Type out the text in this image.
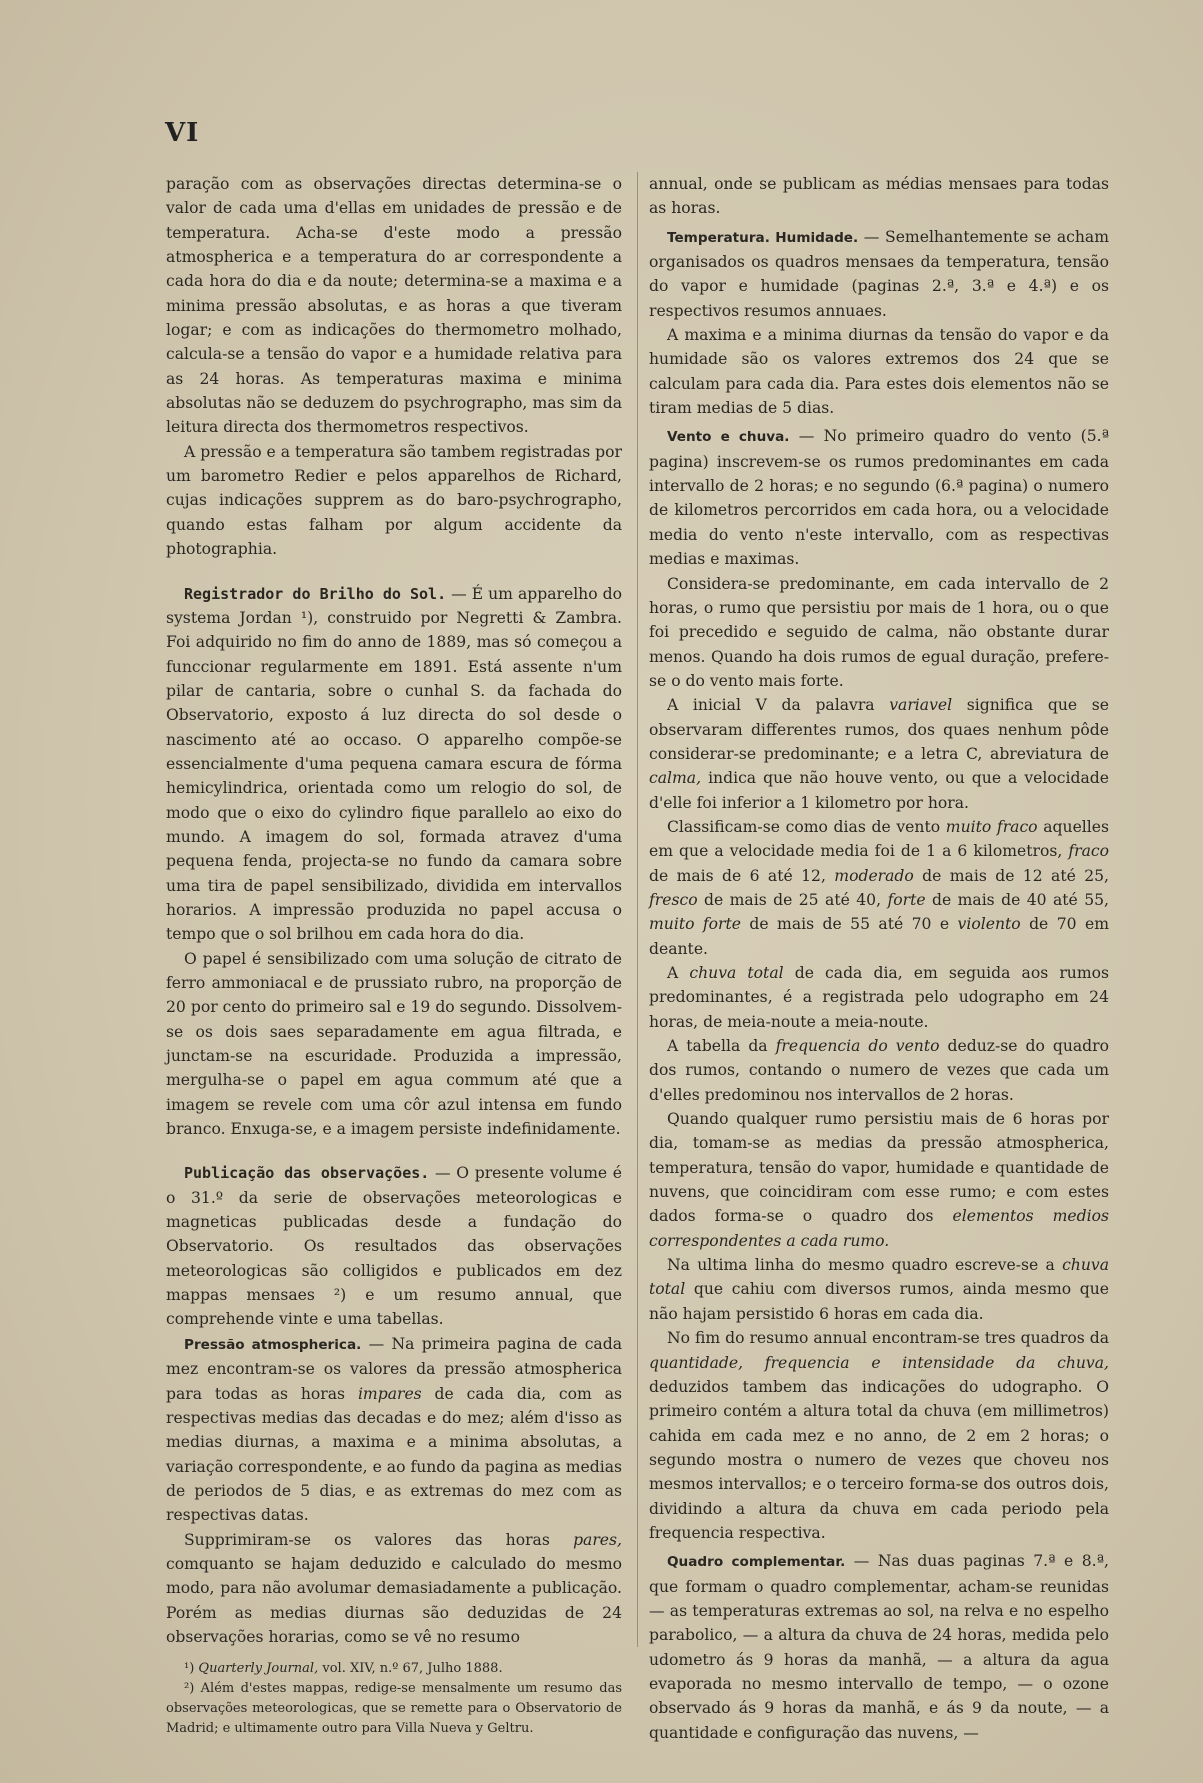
VI

paração com as observações directas determina-se o valor de cada uma d'ellas em unidades de pressão e de temperatura. Acha-se d'este modo a pressão atmospherica e a temperatura do ar correspondente a cada hora do dia e da noute; determina-se a maxima e a minima pressão absolutas, e as horas a que tiveram logar; e com as indicações do thermometro molhado, calcula-se a tensão do vapor e a humidade relativa para as 24 horas. As temperaturas maxima e minima absolutas não se deduzem do psychrographo, mas sim da leitura directa dos thermometros respectivos.

A pressão e a temperatura são tambem registradas por um barometro Redier e pelos apparelhos de Richard, cujas indicações supprem as do baro-psychrographo, quando estas falham por algum accidente da photographia.

Registrador do Brilho do Sol. — É um apparelho do systema Jordan ¹), construido por Negretti & Zambra. Foi adquirido no fim do anno de 1889, mas só começou a funccionar regularmente em 1891. Está assente n'um pilar de cantaria, sobre o cunhal S. da fachada do Observatorio, exposto á luz directa do sol desde o nascimento até ao occaso. O apparelho compõe-se essencialmente d'uma pequena camara escura de fórma hemicylindrica, orientada como um relogio do sol, de modo que o eixo do cylindro fique parallelo ao eixo do mundo. A imagem do sol, formada atravez d'uma pequena fenda, projecta-se no fundo da camara sobre uma tira de papel sensibilizado, dividida em intervallos horarios. A impressão produzida no papel accusa o tempo que o sol brilhou em cada hora do dia.

O papel é sensibilizado com uma solução de citrato de ferro ammoniacal e de prussiato rubro, na proporção de 20 por cento do primeiro sal e 19 do segundo. Dissolvem-se os dois saes separadamente em agua filtrada, e junctam-se na escuridade. Produzida a impressão, mergulha-se o papel em agua commum até que a imagem se revele com uma côr azul intensa em fundo branco. Enxuga-se, e a imagem persiste indefinidamente.

Publicação das observações. — O presente volume é o 31.º da serie de observações meteorologicas e magneticas publicadas desde a fundação do Observatorio. Os resultados das observações meteorologicas são colligidos e publicados em dez mappas mensaes ²) e um resumo annual, que comprehende vinte e uma tabellas.

Pressão atmospherica. — Na primeira pagina de cada mez encontram-se os valores da pressão atmospherica para todas as horas impares de cada dia, com as respectivas medias das decadas e do mez; além d'isso as medias diurnas, a maxima e a minima absolutas, a variação correspondente, e ao fundo da pagina as medias de periodos de 5 dias, e as extremas do mez com as respectivas datas.

Supprimiram-se os valores das horas pares, comquanto se hajam deduzido e calculado do mesmo modo, para não avolumar demasiadamente a publicação. Porém as medias diurnas são deduzidas de 24 observações horarias, como se vê no resumo

¹) Quarterly Journal, vol. XIV, n.º 67, Julho 1888.

²) Além d'estes mappas, redige-se mensalmente um resumo das observações meteorologicas, que se remette para o Observatorio de Madrid; e ultimamente outro para Villa Nueva y Geltru.

annual, onde se publicam as médias mensaes para todas as horas.

Temperatura. Humidade. — Semelhantemente se acham organisados os quadros mensaes da temperatura, tensão do vapor e humidade (paginas 2.ª, 3.ª e 4.ª) e os respectivos resumos annuaes.

A maxima e a minima diurnas da tensão do vapor e da humidade são os valores extremos dos 24 que se calculam para cada dia. Para estes dois elementos não se tiram medias de 5 dias.

Vento e chuva. — No primeiro quadro do vento (5.ª pagina) inscrevem-se os rumos predominantes em cada intervallo de 2 horas; e no segundo (6.ª pagina) o numero de kilometros percorridos em cada hora, ou a velocidade media do vento n'este intervallo, com as respectivas medias e maximas.

Considera-se predominante, em cada intervallo de 2 horas, o rumo que persistiu por mais de 1 hora, ou o que foi precedido e seguido de calma, não obstante durar menos. Quando ha dois rumos de egual duração, prefere-se o do vento mais forte.

A inicial V da palavra variavel significa que se observaram differentes rumos, dos quaes nenhum pôde considerar-se predominante; e a letra C, abreviatura de calma, indica que não houve vento, ou que a velocidade d'elle foi inferior a 1 kilometro por hora.

Classificam-se como dias de vento muito fraco aquelles em que a velocidade media foi de 1 a 6 kilometros, fraco de mais de 6 até 12, moderado de mais de 12 até 25, fresco de mais de 25 até 40, forte de mais de 40 até 55, muito forte de mais de 55 até 70 e violento de 70 em deante.

A chuva total de cada dia, em seguida aos rumos predominantes, é a registrada pelo udographo em 24 horas, de meia-noute a meia-noute.

A tabella da frequencia do vento deduz-se do quadro dos rumos, contando o numero de vezes que cada um d'elles predominou nos intervallos de 2 horas.

Quando qualquer rumo persistiu mais de 6 horas por dia, tomam-se as medias da pressão atmospherica, temperatura, tensão do vapor, humidade e quantidade de nuvens, que coincidiram com esse rumo; e com estes dados forma-se o quadro dos elementos medios correspondentes a cada rumo.

Na ultima linha do mesmo quadro escreve-se a chuva total que cahiu com diversos rumos, ainda mesmo que não hajam persistido 6 horas em cada dia.

No fim do resumo annual encontram-se tres quadros da quantidade, frequencia e intensidade da chuva, deduzidos tambem das indicações do udographo. O primeiro contém a altura total da chuva (em millimetros) cahida em cada mez e no anno, de 2 em 2 horas; o segundo mostra o numero de vezes que choveu nos mesmos intervallos; e o terceiro forma-se dos outros dois, dividindo a altura da chuva em cada periodo pela frequencia respectiva.

Quadro complementar. — Nas duas paginas 7.ª e 8.ª, que formam o quadro complementar, acham-se reunidas — as temperaturas extremas ao sol, na relva e no espelho parabolico, — a altura da chuva de 24 horas, medida pelo udometro ás 9 horas da manhã, — a altura da agua evaporada no mesmo intervallo de tempo, — o ozone observado ás 9 horas da manhã, e ás 9 da noute, — a quantidade e configuração das nuvens, —
